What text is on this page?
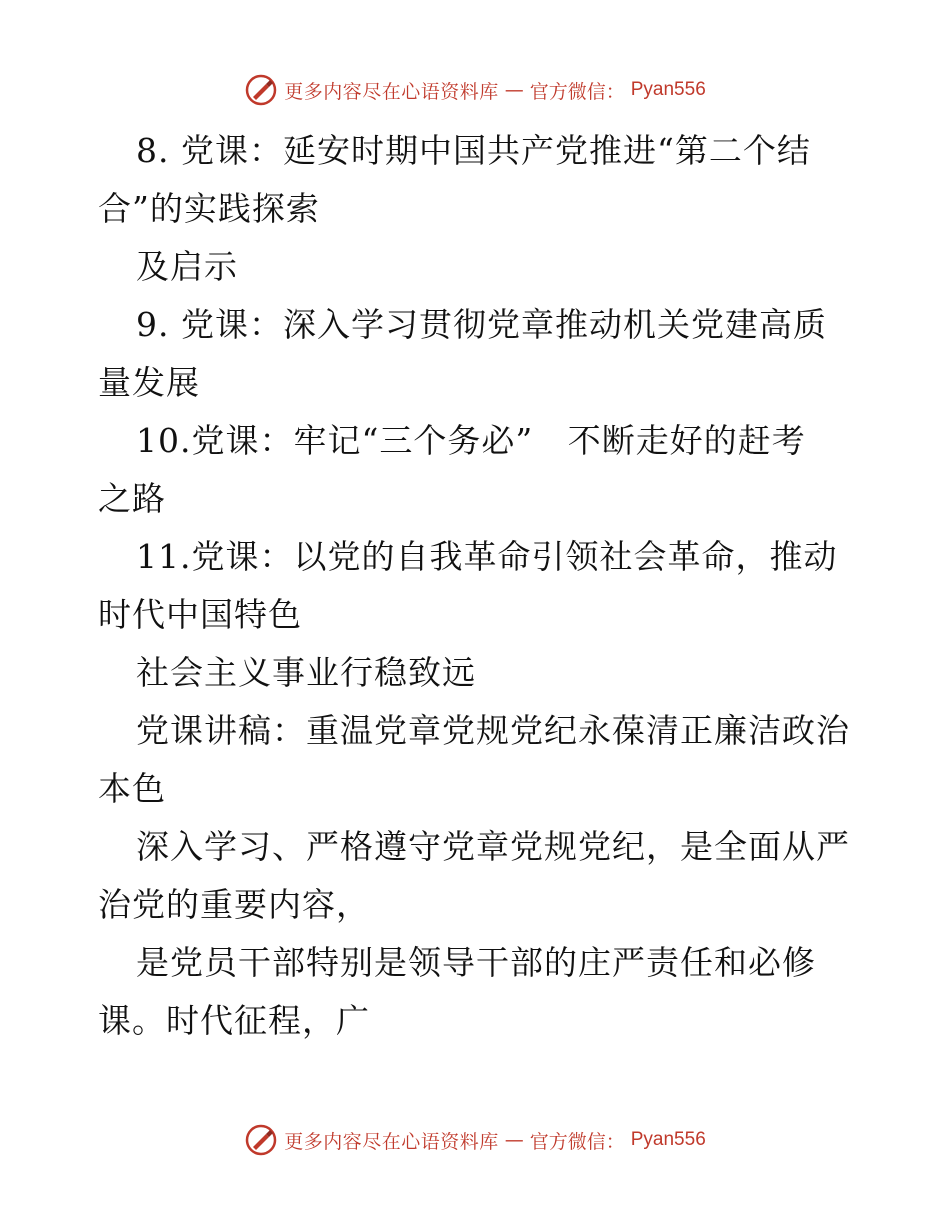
更多内容尽在心语资料库 — 官方微信： Pyan556
8. 党课：延安时期中国共产党推进“第二个结
合”的实践探索
及启示
9. 党课：深入学习贯彻党章推动机关党建高质
量发展
10.党课：牢记“三个务必”   不断走好的赶考
之路
11.党课：以党的自我革命引领社会革命，推动
时代中国特色
社会主义事业行稳致远
党课讲稿：重温党章党规党纪永葆清正廉洁政治
本色
深入学习、严格遵守党章党规党纪，是全面从严
治党的重要内容，
是党员干部特别是领导干部的庄严责任和必修
课。时代征程，广
更多内容尽在心语资料库 — 官方微信： Pyan556
